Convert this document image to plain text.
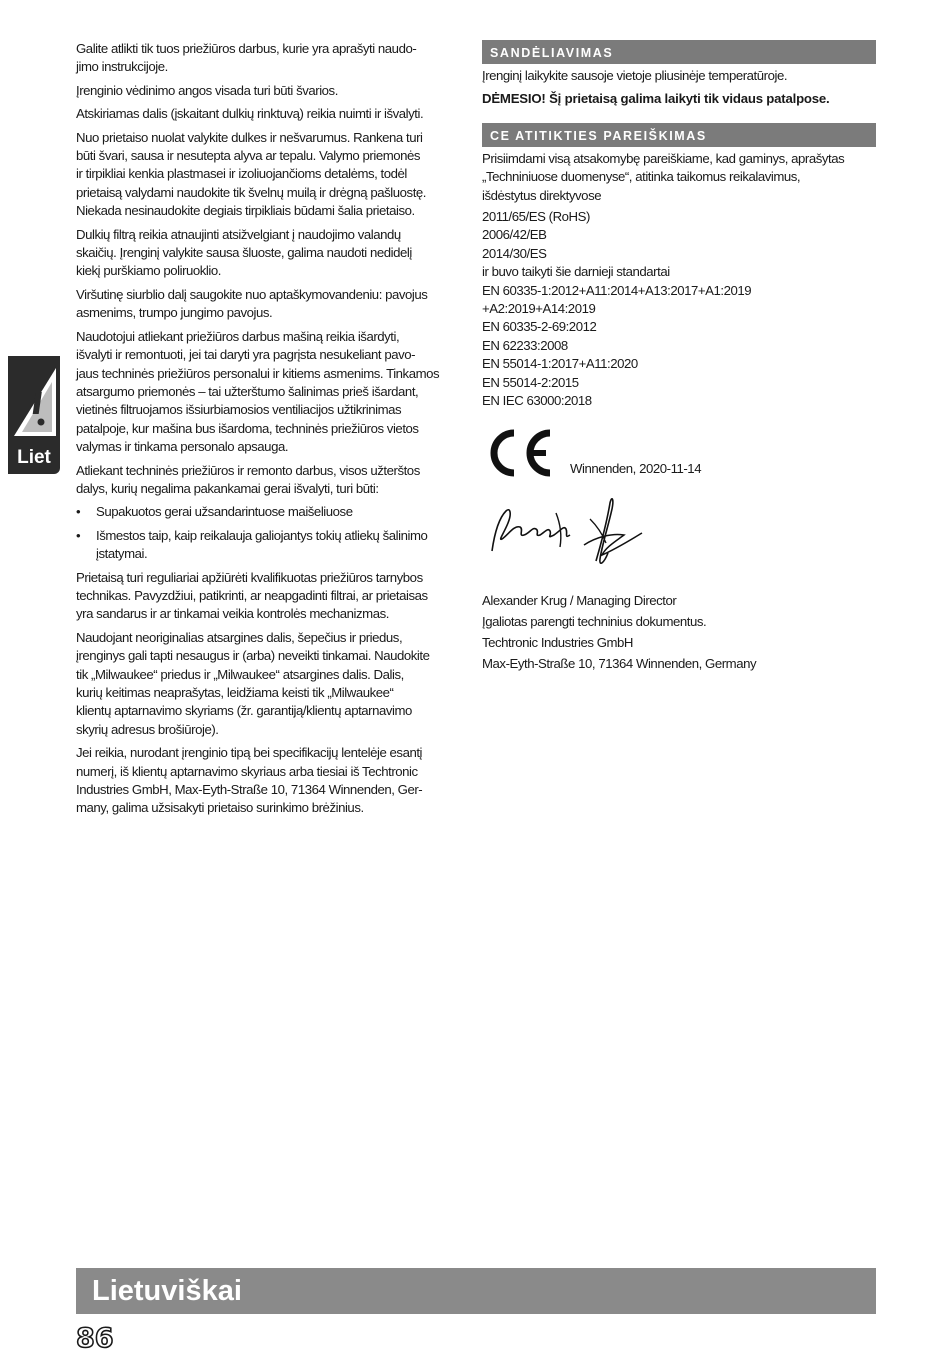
Liet

Galite atlikti tik tuos priežiūros darbus, kurie yra aprašyti naudo-
jimo instrukcijoje.

Įrenginio vėdinimo angos visada turi būti švarios.

Atskiriamas dalis (įskaitant dulkių rinktuvą) reikia nuimti ir išvalyti.

Nuo prietaiso nuolat valykite dulkes ir nešvarumus. Rankena turi
būti švari, sausa ir nesutepta alyva ar tepalu. Valymo priemonės
ir tirpikliai kenkia plastmasei ir izoliuojančioms detalėms, todėl
prietaisą valydami naudokite tik švelnų muilą ir drėgną pašluostę.
Niekada nesinaudokite degiais tirpikliais būdami šalia prietaiso.

Dulkių filtrą reikia atnaujinti atsižvelgiant į naudojimo valandų
skaičių. Įrenginį valykite sausa šluoste, galima naudoti nedidelį
kiekį purškiamo poliruoklio.

Viršutinę siurblio dalį saugokite nuo aptaškymovandeniu: pavojus
asmenims, trumpo jungimo pavojus.

Naudotojui atliekant priežiūros darbus mašiną reikia išardyti,
išvalyti ir remontuoti, jei tai daryti yra pagrįsta nesukeliant pavo-
jaus techninės priežiūros personalui ir kitiems asmenims. Tinkamos
atsargumo priemonės – tai užterštumo šalinimas prieš išardant,
vietinės filtruojamos išsiurbiamosios ventiliacijos užtikrinimas
patalpoje, kur mašina bus išardoma, techninės priežiūros vietos
valymas ir tinkama personalo apsauga.

Atliekant techninės priežiūros ir remonto darbus, visos užterštos
dalys, kurių negalima pakankamai gerai išvalyti, turi būti:

• Supakuotos gerai užsandarintuose maišeliuose
• Išmestos taip, kaip reikalauja galiojantys tokių atliekų šalinimo
įstatymai.

Prietaisą turi reguliariai apžiūrėti kvalifikuotas priežiūros tarnybos
technikas. Pavyzdžiui, patikrinti, ar neapgadinti filtrai, ar prietaisas
yra sandarus ir ar tinkamai veikia kontrolės mechanizmas.

Naudojant neoriginalias atsargines dalis, šepečius ir priedus,
įrenginys gali tapti nesaugus ir (arba) neveikti tinkamai. Naudokite
tik „Milwaukee“ priedus ir „Milwaukee“ atsargines dalis. Dalis,
kurių keitimas neaprašytas, leidžiama keisti tik „Milwaukee“
klientų aptarnavimo skyriams (žr. garantiją/klientų aptarnavimo
skyrių adresus brošiūroje).

Jei reikia, nurodant įrenginio tipą bei specifikacijų lentelėje esantį
numerį, iš klientų aptarnavimo skyriaus arba tiesiai iš Techtronic
Industries GmbH, Max-Eyth-Straße 10, 71364 Winnenden, Ger-
many, galima užsisakyti prietaiso surinkimo brėžinius.

SANDĖLIAVIMAS

Įrenginį laikykite sausoje vietoje pliusinėje temperatūroje.

DĖMESIO! Šį prietaisą galima laikyti tik vidaus patalpose.

CE ATITIKTIES PAREIŠKIMAS

Prisiimdami visą atsakomybę pareiškiame, kad gaminys, aprašytas
„Techniniuose duomenyse“, atitinka taikomus reikalavimus,
išdėstytus direktyvose

2011/65/ES (RoHS)
2006/42/EB
2014/30/ES
ir buvo taikyti šie darnieji standartai
EN 60335-1:2012+A11:2014+A13:2017+A1:2019
+A2:2019+A14:2019
EN 60335-2-69:2012
EN 62233:2008
EN 55014-1:2017+A11:2020
EN 55014-2:2015
EN IEC 63000:2018
Winnenden, 2020-11-14
Alexander Krug / Managing Director
Įgaliotas parengti techninius dokumentus.
Techtronic Industries GmbH
Max-Eyth-Straße 10, 71364 Winnenden, Germany
Lietuviškai
86
